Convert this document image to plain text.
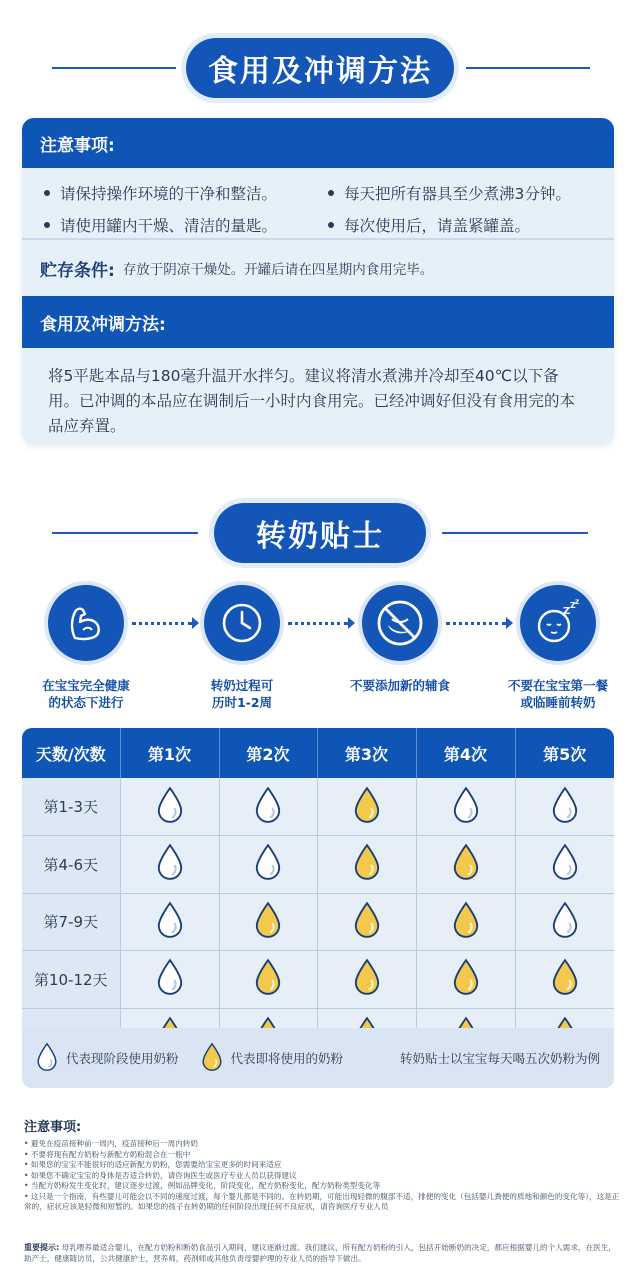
食用及冲调方法
注意事项:
请保持操作环境的干净和整洁。	每天把所有器具至少煮沸3分钟。
请使用罐内干燥、清洁的量匙。	每次使用后，请盖紧罐盖。
贮存条件: 存放于阴凉干燥处。开罐后请在四星期内食用完毕。
食用及冲调方法:
将5平匙本品与180毫升温开水拌匀。建议将清水煮沸并冷却至40℃以下备用。已冲调的本品应在调制后一小时内食用完。已经冲调好但没有食用完的本品应弃置。
转奶贴士
Z
Z Z
在宝宝完全健康
的状态下进行
转奶过程可
历时1-2周
不要添加新的辅食	不要在宝宝第一餐
或临睡前转奶
天数/次数	第1次	第2次	第3次	第4次	第5次
第1-3天					
第4-6天					
第7-9天					
第10-12天					

代表现阶段使用奶粉	代表即将使用的奶粉	转奶贴士以宝宝每天喝五次奶粉为例
注意事项:
• 避免在疫苗接种前一周内，疫苗接种后一周内转奶
• 不要将现有配方奶粉与新配方奶粉混合在一瓶中
• 如果您的宝宝不能很好的适应新配方奶粉，您需要给宝宝更多的时间来适应
• 如果您不确定宝宝的身体是否适合转奶，请咨询医生或医疗专业人员以获得建议
• 当配方奶粉发生变化时，建议逐步过渡，例如品牌变化，阶段变化，配方奶粉变化，配方奶粉类型变化等
• 这只是一个指南，有些婴儿可能会以不同的速度过渡，每个婴儿都是不同的。在转奶期，可能出现轻微的腹部不适，排便的变化（包括婴儿粪便的质地和颜色的变化等），这是正常的，症状应该是轻微和短暂的。如果您的孩子在转奶期的任何阶段出现任何不良症状，请咨询医疗专业人员
重要提示: 母乳喂养最适合婴儿，在配方奶粉和断奶食品引入期间，建议逐渐过渡。我们建议，所有配方奶粉的引入，包括开始断奶的决定，都应根据婴儿的个人需求，在医生，助产士，健康随访员，公共健康护士，营养师，药剂师或其他负责母婴护理的专业人员的指导下做出。
